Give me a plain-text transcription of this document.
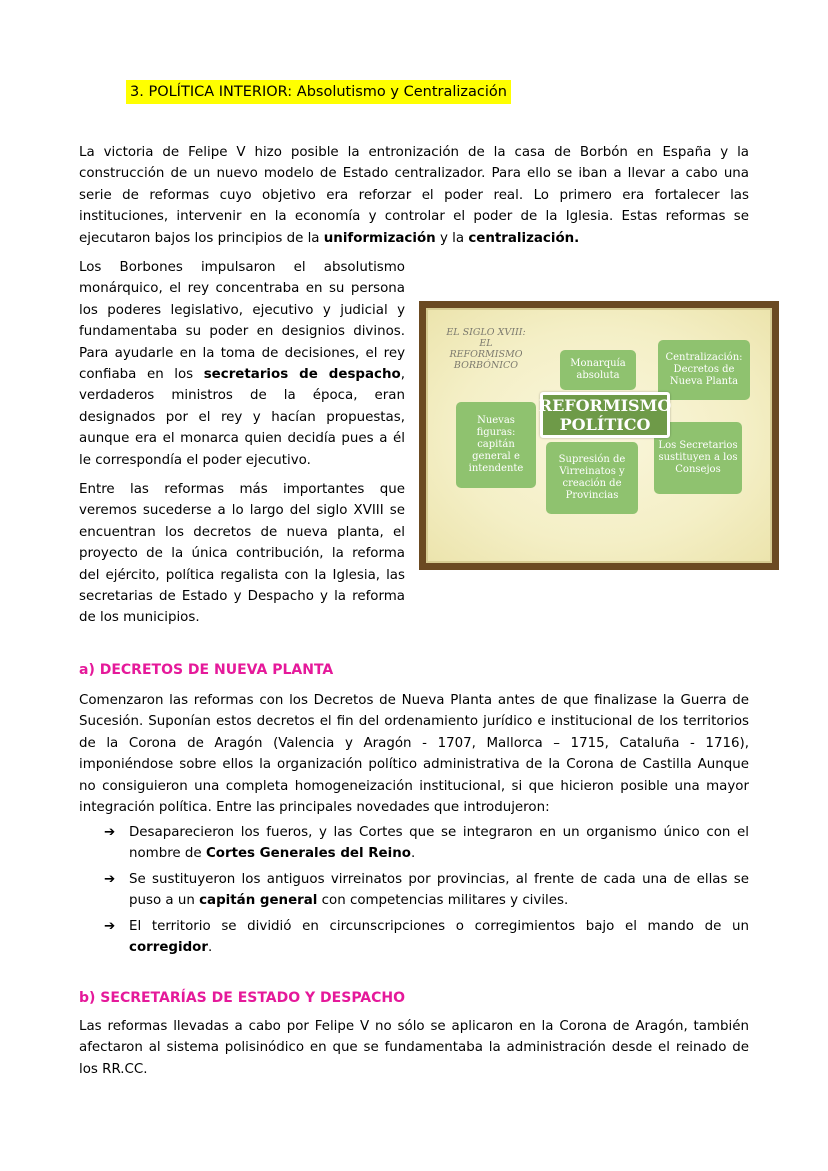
3. POLÍTICA INTERIOR: Absolutismo y Centralización
La victoria de Felipe V hizo posible la entronización de la casa de Borbón en España y la construcción de un nuevo modelo de Estado centralizador. Para ello se iban a llevar a cabo una serie de reformas cuyo objetivo era reforzar el poder real. Lo primero era fortalecer las instituciones, intervenir en la economía y controlar el poder de la Iglesia. Estas reformas se ejecutaron bajos los principios de la uniformización y la centralización.
Los Borbones impulsaron el absolutismo monárquico, el rey concentraba en su persona los poderes legislativo, ejecutivo y judicial y fundamentaba su poder en designios divinos. Para ayudarle en la toma de decisiones, el rey confiaba en los secretarios de despacho, verdaderos ministros de la época, eran designados por el rey y hacían propuestas, aunque era el monarca quien decidía pues a él le correspondía el poder ejecutivo.
Entre las reformas más importantes que veremos sucederse a lo largo del siglo XVIII se encuentran los decretos de nueva planta, el proyecto de la única contribución, la reforma del ejército, política regalista con la Iglesia, las secretarias de Estado y Despacho y la reforma de los municipios.
EL SIGLO XVIII: EL REFORMISMO BORBÓNICO	Monarquía absoluta
Centralización: Decretos de Nueva Planta
Nuevas figuras: capitán general e intendente
Supresión de Virreinatos y creación de Provincias
Los Secretarios sustituyen a los Consejos
REFORMISMO POLÍTICO
a) DECRETOS DE NUEVA PLANTA
Comenzaron las reformas con los Decretos de Nueva Planta antes de que finalizase la Guerra de Sucesión. Suponían estos decretos el fin del ordenamiento jurídico e institucional de los territorios de la Corona de Aragón (Valencia y Aragón - 1707, Mallorca – 1715, Cataluña - 1716), imponiéndose sobre ellos la organización político administrativa de la Corona de Castilla Aunque no consiguieron una completa homogeneización institucional, si que hicieron posible una mayor integración política. Entre las principales novedades que introdujeron:
➔ Desaparecieron los fueros, y las Cortes que se integraron en un organismo único con el nombre de Cortes Generales del Reino.
➔ Se sustituyeron los antiguos virreinatos por provincias, al frente de cada una de ellas se puso a un capitán general con competencias militares y civiles.
➔ El territorio se dividió en circunscripciones o corregimientos bajo el mando de un corregidor.
b) SECRETARÍAS DE ESTADO Y DESPACHO
Las reformas llevadas a cabo por Felipe V no sólo se aplicaron en la Corona de Aragón, también afectaron al sistema polisinódico en que se fundamentaba la administración desde el reinado de los RR.CC.
